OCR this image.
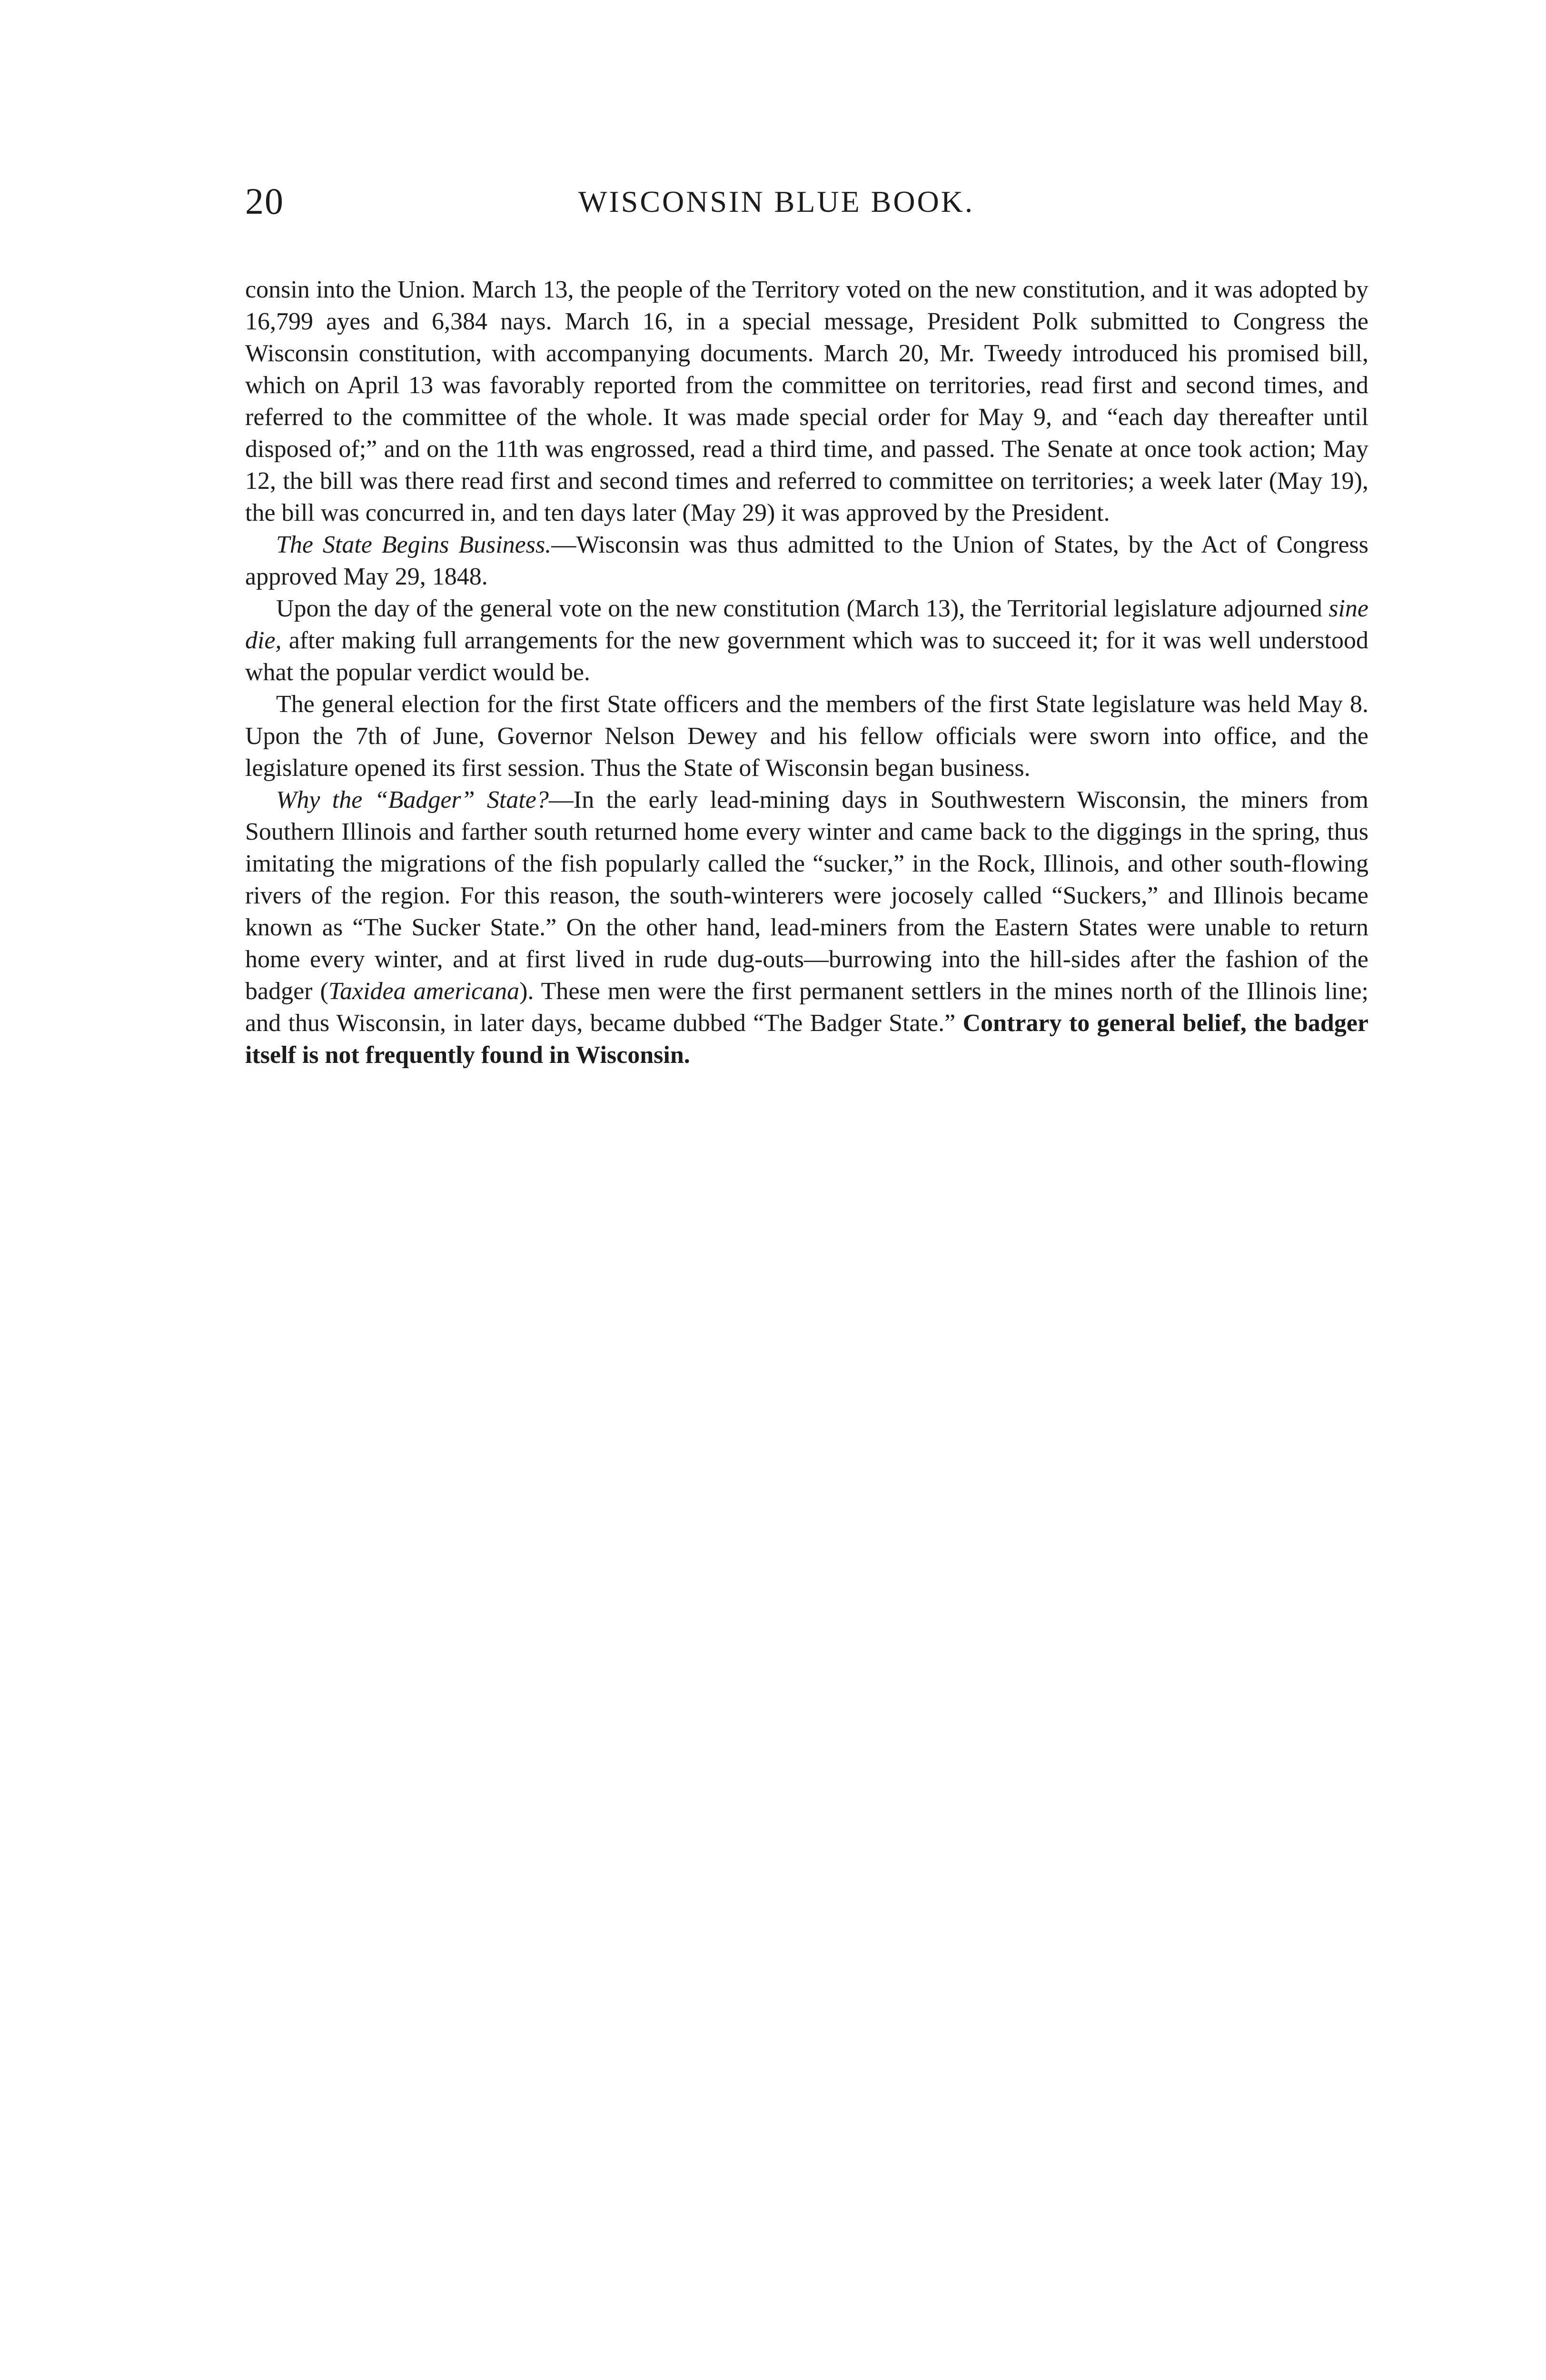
20	WISCONSIN BLUE BOOK.

consin into the Union. March 13, the people of the Territory voted on the new constitution, and it was adopted by 16,799 ayes and 6,384 nays. March 16, in a special message, President Polk submitted to Congress the Wisconsin constitution, with accompanying documents. March 20, Mr. Tweedy introduced his promised bill, which on April 13 was favorably reported from the committee on territories, read first and second times, and referred to the committee of the whole. It was made special order for May 9, and “each day thereafter until disposed of;” and on the 11th was engrossed, read a third time, and passed. The Senate at once took action; May 12, the bill was there read first and second times and referred to committee on territories; a week later (May 19), the bill was concurred in, and ten days later (May 29) it was approved by the President.

The State Begins Business.—Wisconsin was thus admitted to the Union of States, by the Act of Congress approved May 29, 1848.

Upon the day of the general vote on the new constitution (March 13), the Territorial legislature adjourned sine die, after making full arrangements for the new government which was to succeed it; for it was well understood what the popular verdict would be.

The general election for the first State officers and the members of the first State legislature was held May 8. Upon the 7th of June, Governor Nelson Dewey and his fellow officials were sworn into office, and the legislature opened its first session. Thus the State of Wisconsin began business.

Why the “Badger” State?—In the early lead-mining days in Southwestern Wisconsin, the miners from Southern Illinois and farther south returned home every winter and came back to the diggings in the spring, thus imitating the migrations of the fish popularly called the “sucker,” in the Rock, Illinois, and other south-flowing rivers of the region. For this reason, the south-winterers were jocosely called “Suckers,” and Illinois became known as “The Sucker State.” On the other hand, lead-miners from the Eastern States were unable to return home every winter, and at first lived in rude dug-outs—burrowing into the hill-sides after the fashion of the badger (Taxidea americana). These men were the first permanent settlers in the mines north of the Illinois line; and thus Wisconsin, in later days, became dubbed “The Badger State.” Contrary to general belief, the badger itself is not frequently found in Wisconsin.
